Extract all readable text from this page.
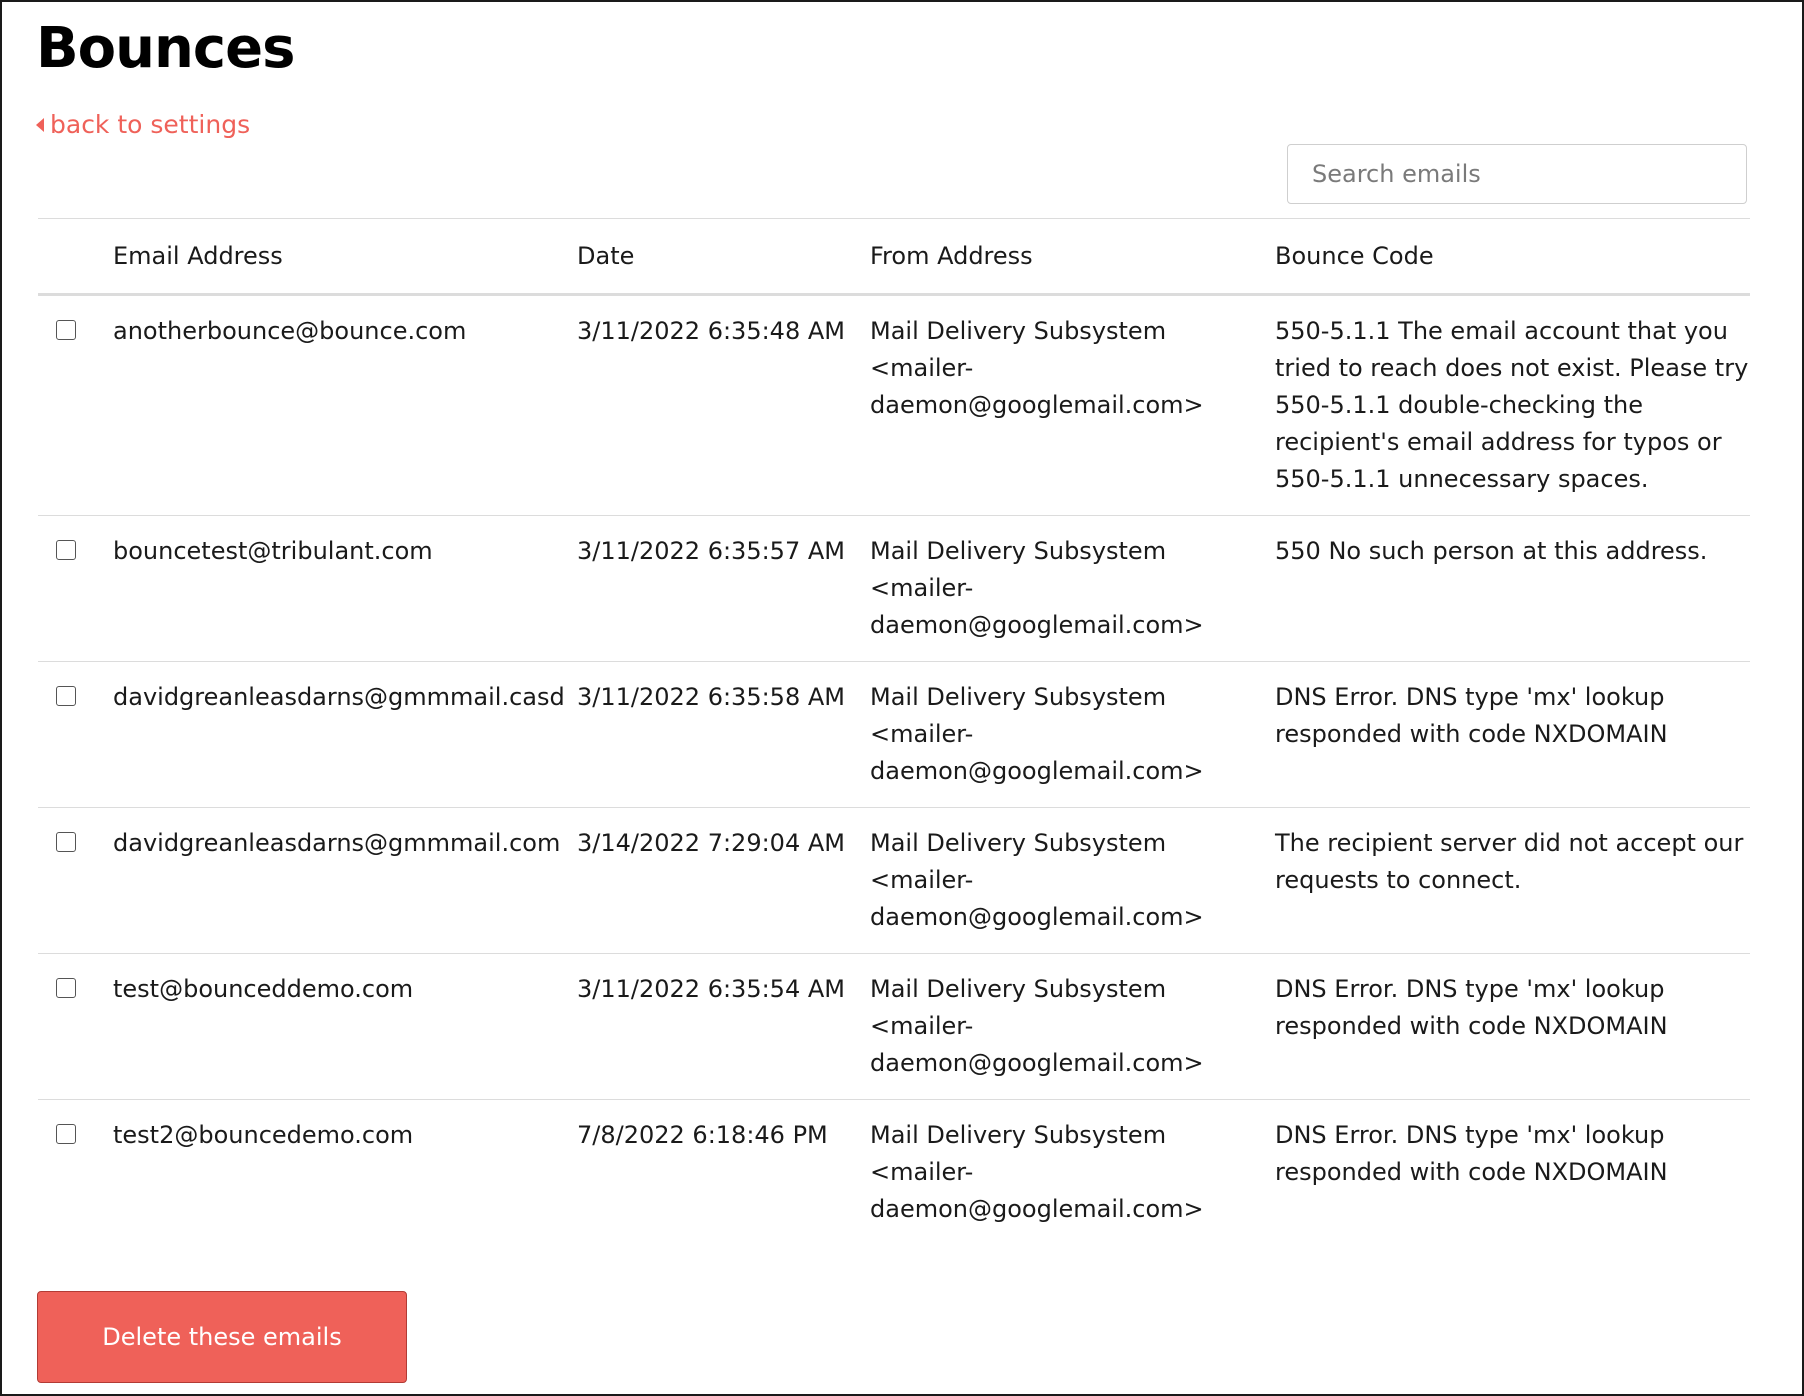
Bounces
back to settings
Search emails
	Email Address	Date	From Address	Bounce Code
	anotherbounce@bounce.com	3/11/2022 6:35:48 AM	Mail Delivery Subsystem <mailer-daemon@googlemail.com>	550-5.1.1 The email account that you tried to reach does not exist. Please try 550-5.1.1 double-checking the recipient's email address for typos or 550-5.1.1 unnecessary spaces.
	bouncetest@tribulant.com	3/11/2022 6:35:57 AM	Mail Delivery Subsystem <mailer-daemon@googlemail.com>	550 No such person at this address.
	davidgreanleasdarns@gmmmail.casd	3/11/2022 6:35:58 AM	Mail Delivery Subsystem <mailer-daemon@googlemail.com>	DNS Error. DNS type 'mx' lookup responded with code NXDOMAIN
	davidgreanleasdarns@gmmmail.com	3/14/2022 7:29:04 AM	Mail Delivery Subsystem <mailer-daemon@googlemail.com>	The recipient server did not accept our requests to connect.
	test@bounceddemo.com	3/11/2022 6:35:54 AM	Mail Delivery Subsystem <mailer-daemon@googlemail.com>	DNS Error. DNS type 'mx' lookup responded with code NXDOMAIN
	test2@bouncedemo.com	7/8/2022 6:18:46 PM	Mail Delivery Subsystem <mailer-daemon@googlemail.com>	DNS Error. DNS type 'mx' lookup responded with code NXDOMAIN
Delete these emails
